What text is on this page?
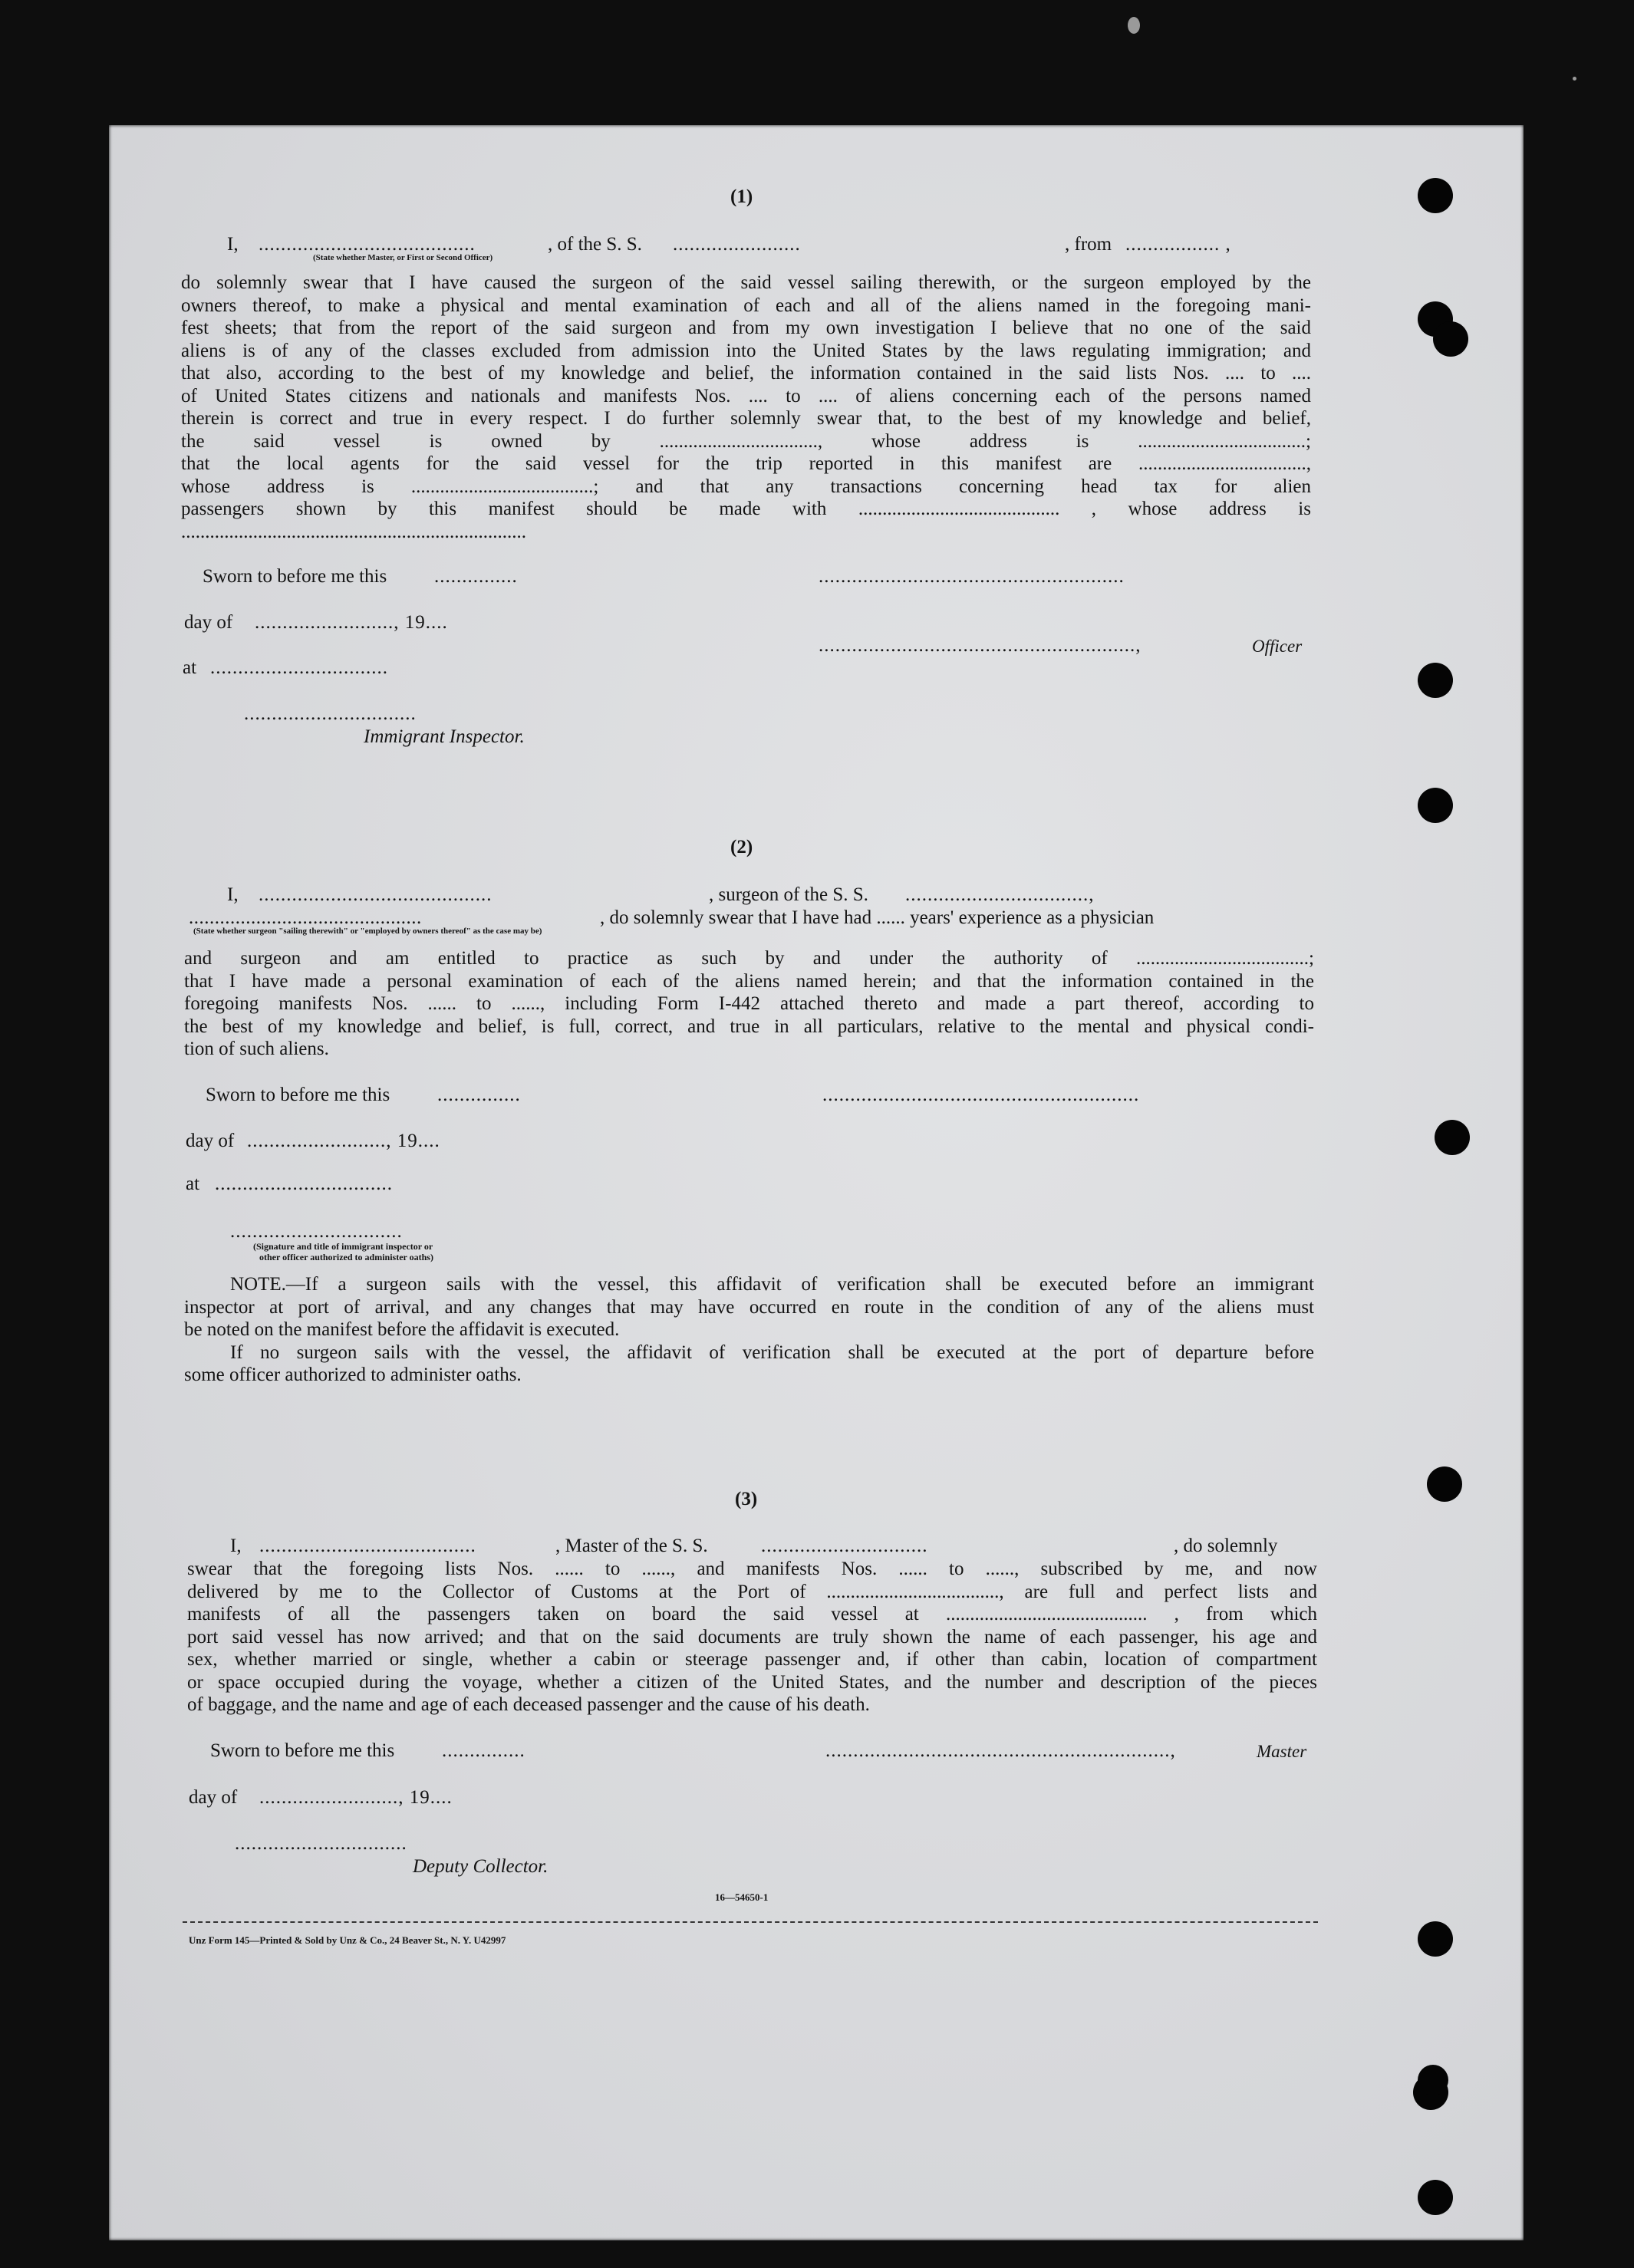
(1)
I, .......................................	, of the S. S. .......................	, from ................. ,
(State whether Master, or First or Second Officer)
do solemnly swear that I have caused the surgeon of the said vessel sailing therewith, or the surgeon employed by the
owners thereof, to make a physical and mental examination of each and all of the aliens named in the foregoing mani-
fest sheets; that from the report of the said surgeon and from my own investigation I believe that no one of the said
aliens is of any of the classes excluded from admission into the United States by the laws regulating immigration; and
that also, according to the best of my knowledge and belief, the information contained in the said lists Nos. .... to ....
of United States citizens and nationals and manifests Nos. .... to .... of aliens concerning each of the persons named
therein is correct and true in every respect. I do further solemnly swear that, to the best of my knowledge and belief,
the said vessel is owned by ................................., whose address is ...................................;
that the local agents for the said vessel for the trip reported in this manifest are ...................................,
whose address is ......................................; and that any transactions concerning head tax for alien
passengers shown by this manifest should be made with .......................................... , whose address is
........................................................................
Sworn to before me this ...............	.......................................................
day of ........................., 19....
.........................................................,	Officer
at ................................
...............................
Immigrant Inspector.
(2)
I, ..........................................	, surgeon of the S. S. .................................,
.............................................	, do solemnly swear that I have had ...... years' experience as a physician
(State whether surgeon "sailing therewith" or "employed by owners thereof" as the case may be)
and surgeon and am entitled to practice as such by and under the authority of ....................................;
that I have made a personal examination of each of the aliens named herein; and that the information contained in the
foregoing manifests Nos. ...... to ......, including Form I-442 attached thereto and made a part thereof, according to
the best of my knowledge and belief, is full, correct, and true in all particulars, relative to the mental and physical condi-
tion of such aliens.
Sworn to before me this ...............	.........................................................
day of ........................., 19....
at ................................
...............................
(Signature and title of immigrant inspector or
other officer authorized to administer oaths)
NOTE.—If a surgeon sails with the vessel, this affidavit of verification shall be executed before an immigrant
inspector at port of arrival, and any changes that may have occurred en route in the condition of any of the aliens must
be noted on the manifest before the affidavit is executed.
If no surgeon sails with the vessel, the affidavit of verification shall be executed at the port of departure before
some officer authorized to administer oaths.
(3)
I, .......................................	, Master of the S. S.	..............................	, do solemnly
swear that the foregoing lists Nos. ...... to ......, and manifests Nos. ...... to ......, subscribed by me, and now
delivered by me to the Collector of Customs at the Port of ...................................., are full and perfect lists and
manifests of all the passengers taken on board the said vessel at .......................................... , from which
port said vessel has now arrived; and that on the said documents are truly shown the name of each passenger, his age and
sex, whether married or single, whether a cabin or steerage passenger and, if other than cabin, location of compartment
or space occupied during the voyage, whether a citizen of the United States, and the number and description of the pieces
of baggage, and the name and age of each deceased passenger and the cause of his death.
Sworn to before me this ...............	..............................................................,	Master
day of ........................., 19....
...............................
Deputy Collector.
16—54650-1
Unz Form 145—Printed & Sold by Unz & Co., 24 Beaver St., N. Y. U42997
